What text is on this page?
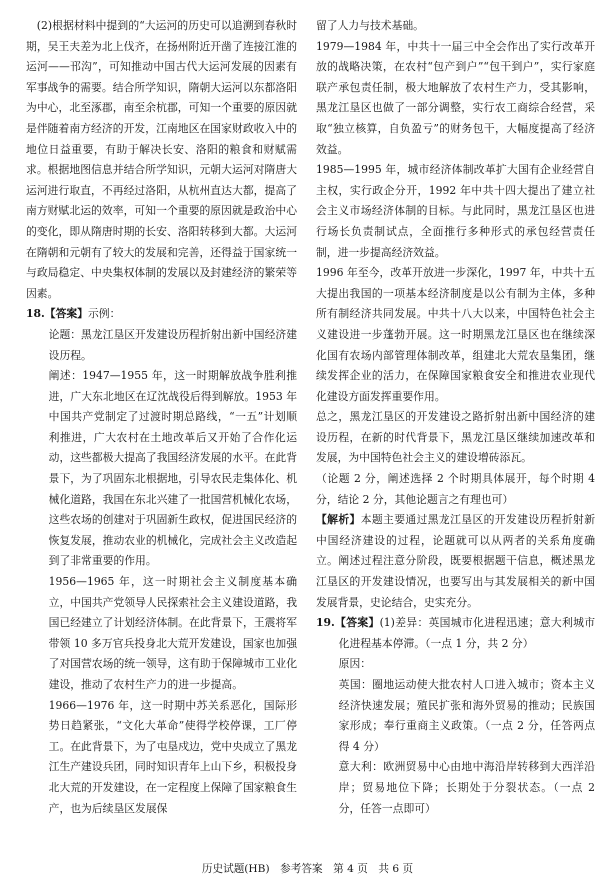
(2)根据材料中提到的“大运河的历史可以追溯到春秋时期，吴王夫差为北上伐齐，在扬州附近开凿了连接江淮的运河——邗沟”，可知推动中国古代大运河发展的因素有军事战争的需要。结合所学知识，隋朝大运河以东都洛阳为中心，北至涿郡，南至余杭郡，可知一个重要的原因就是伴随着南方经济的开发，江南地区在国家财政收入中的地位日益重要，有助于解决长安、洛阳的粮食和财赋需求。根据地图信息并结合所学知识，元朝大运河对隋唐大运河进行取直，不再经过洛阳，从杭州直达大都，提高了南方财赋北运的效率，可知一个重要的原因就是政治中心的变化，即从隋唐时期的长安、洛阳转移到大都。大运河在隋朝和元朝有了较大的发展和完善，还得益于国家统一与政局稳定、中央集权体制的发展以及封建经济的繁荣等因素。

18.【答案】示例：

论题：黑龙江垦区开发建设历程折射出新中国经济建设历程。

阐述：1947—1955 年，这一时期解放战争胜利推进，广大东北地区在辽沈战役后得到解放。1953 年中国共产党制定了过渡时期总路线，“一五”计划顺利推进，广大农村在土地改革后又开始了合作化运动，这些都极大提高了我国经济发展的水平。在此背景下，为了巩固东北根据地，引导农民走集体化、机械化道路，我国在东北兴建了一批国营机械化农场，这些农场的创建对于巩固新生政权，促进国民经济的恢复发展，推动农业的机械化，完成社会主义改造起到了非常重要的作用。

1956—1965 年，这一时期社会主义制度基本确立，中国共产党领导人民探索社会主义建设道路，我国已经建立了计划经济体制。在此背景下，王震将军带领 10 多万官兵投身北大荒开发建设，国家也加强了对国营农场的统一领导，这有助于保障城市工业化建设，推动了农村生产力的进一步提高。

1966—1976 年，这一时期中苏关系恶化，国际形势日趋紧张，“文化大革命”使得学校停课，工厂停工。在此背景下，为了屯垦戍边，党中央成立了黑龙江生产建设兵团，同时知识青年上山下乡，积极投身北大荒的开发建设，在一定程度上保障了国家粮食生产，也为后续垦区发展保

留了人力与技术基础。

1979—1984 年，中共十一届三中全会作出了实行改革开放的战略决策，在农村“包产到户”“包干到户”，实行家庭联产承包责任制，极大地解放了农村生产力，受其影响，黑龙江垦区也做了一部分调整，实行农工商综合经营，采取“独立核算，自负盈亏”的财务包干，大幅度提高了经济效益。

1985—1995 年，城市经济体制改革扩大国有企业经营自主权，实行政企分开，1992 年中共十四大提出了建立社会主义市场经济体制的目标。与此同时，黑龙江垦区也进行场长负责制试点，全面推行多种形式的承包经营责任制，进一步提高经济效益。

1996 年至今，改革开放进一步深化，1997 年，中共十五大提出我国的一项基本经济制度是以公有制为主体，多种所有制经济共同发展。中共十八大以来，中国特色社会主义建设进一步蓬勃开展。这一时期黑龙江垦区也在继续深化国有农场内部管理体制改革，组建北大荒农垦集团，继续发挥企业的活力，在保障国家粮食安全和推进农业现代化建设方面发挥重要作用。

总之，黑龙江垦区的开发建设之路折射出新中国经济的建设历程，在新的时代背景下，黑龙江垦区继续加速改革和发展，为中国特色社会主义的建设增砖添瓦。

（论题 2 分，阐述选择 2 个时期具体展开，每个时期 4 分，结论 2 分，其他论题言之有理也可）

【解析】本题主要通过黑龙江垦区的开发建设历程折射新中国经济建设的过程，论题就可以从两者的关系角度确立。阐述过程注意分阶段，既要根据题干信息，概述黑龙江垦区的开发建设情况，也要写出与其发展相关的新中国发展背景，史论结合，史实充分。

19.【答案】(1)差异：英国城市化进程迅速；意大利城市化进程基本停滞。（一点 1 分，共 2 分）

原因：

英国：圈地运动使大批农村人口进入城市；资本主义经济快速发展；殖民扩张和海外贸易的推动；民族国家形成；奉行重商主义政策。（一点 2 分，任答两点得 4 分）

意大利：欧洲贸易中心由地中海沿岸转移到大西洋沿岸；贸易地位下降；长期处于分裂状态。（一点 2 分，任答一点即可）

历史试题(HB)　参考答案　第 4 页　共 6 页
